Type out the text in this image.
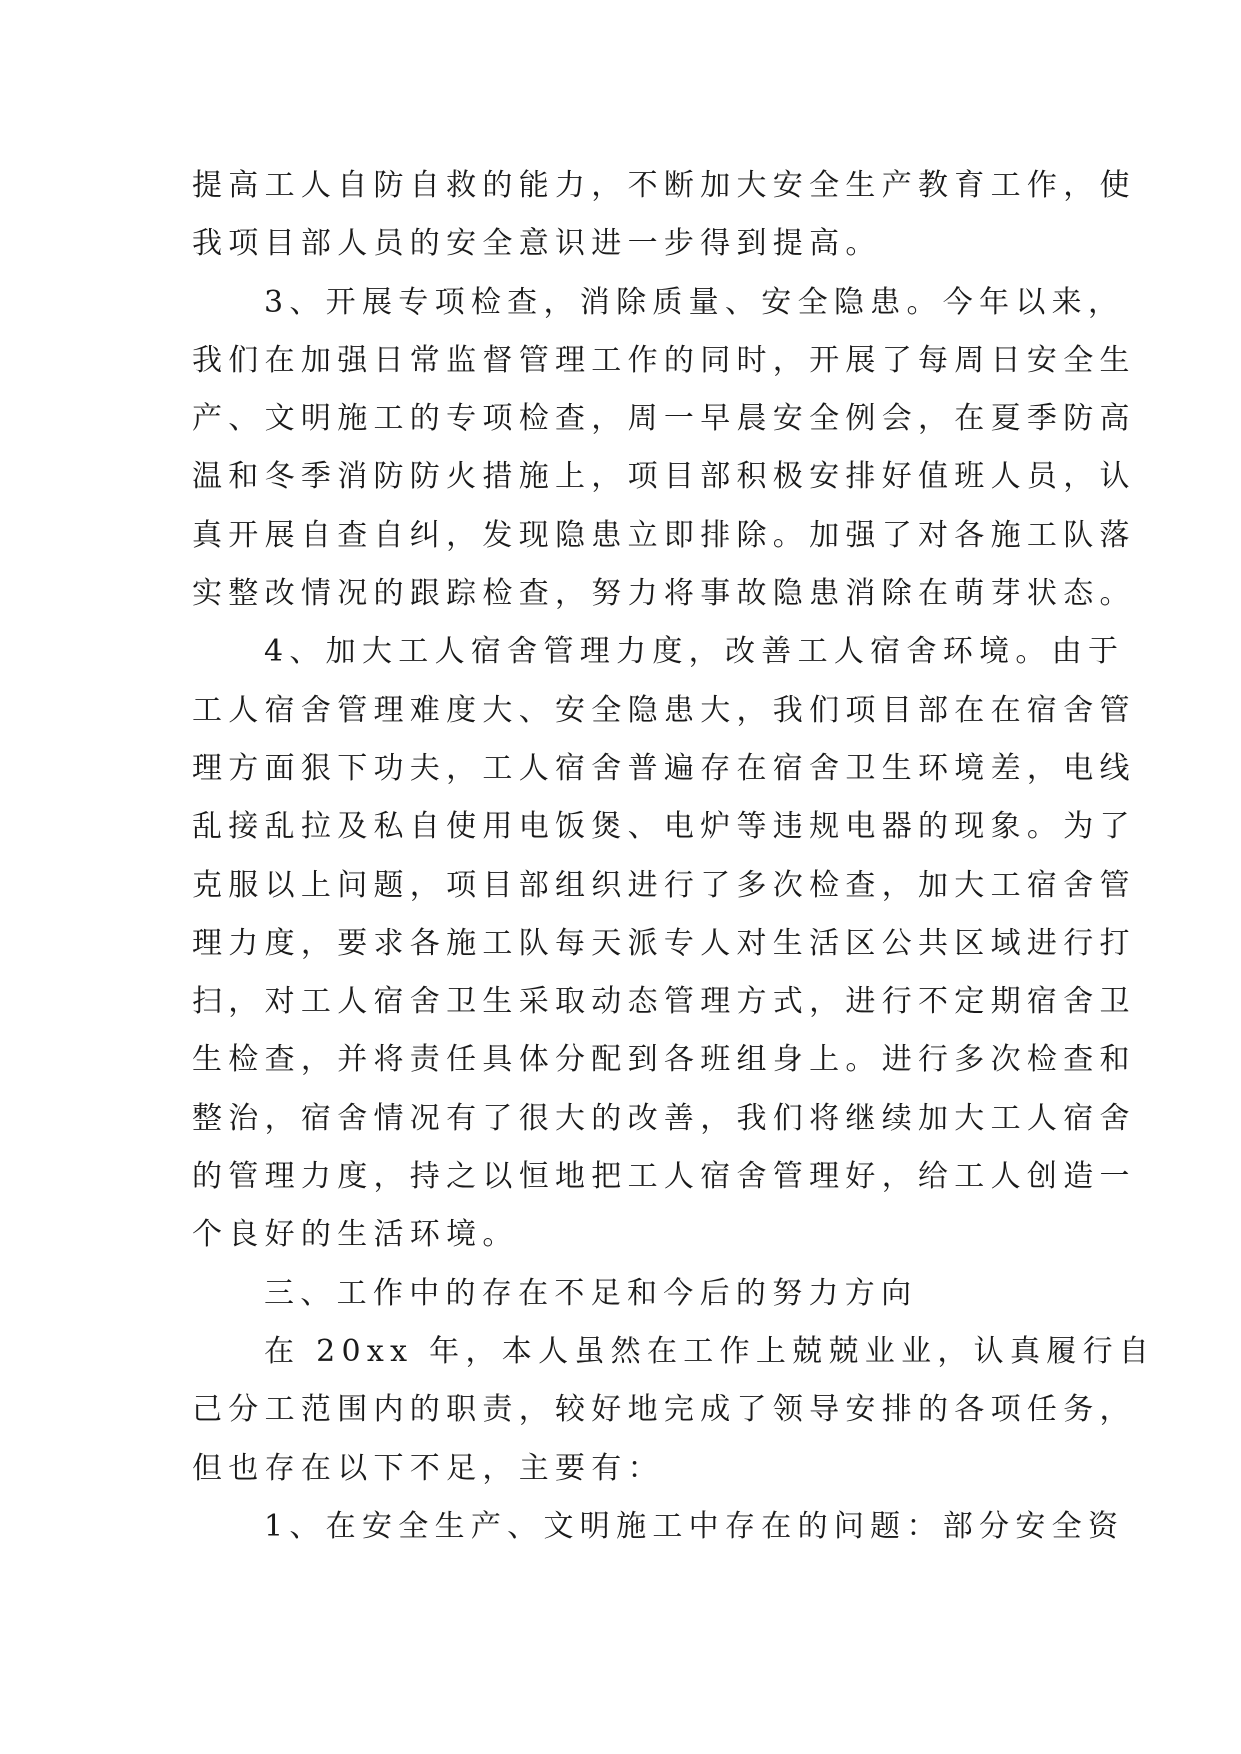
提高工人自防自救的能力，不断加大安全生产教育工作，使
我项目部人员的安全意识进一步得到提高。
3、开展专项检查，消除质量、安全隐患。今年以来，
我们在加强日常监督管理工作的同时，开展了每周日安全生
产、文明施工的专项检查，周一早晨安全例会，在夏季防高
温和冬季消防防火措施上，项目部积极安排好值班人员，认
真开展自查自纠，发现隐患立即排除。加强了对各施工队落
实整改情况的跟踪检查，努力将事故隐患消除在萌芽状态。
4、加大工人宿舍管理力度，改善工人宿舍环境。由于
工人宿舍管理难度大、安全隐患大，我们项目部在在宿舍管
理方面狠下功夫，工人宿舍普遍存在宿舍卫生环境差，电线
乱接乱拉及私自使用电饭煲、电炉等违规电器的现象。为了
克服以上问题，项目部组织进行了多次检查，加大工宿舍管
理力度，要求各施工队每天派专人对生活区公共区域进行打
扫，对工人宿舍卫生采取动态管理方式，进行不定期宿舍卫
生检查，并将责任具体分配到各班组身上。进行多次检查和
整治，宿舍情况有了很大的改善，我们将继续加大工人宿舍
的管理力度，持之以恒地把工人宿舍管理好，给工人创造一
个良好的生活环境。
三、工作中的存在不足和今后的努力方向
在 20xx 年，本人虽然在工作上兢兢业业，认真履行自
己分工范围内的职责，较好地完成了领导安排的各项任务，
但也存在以下不足，主要有：
1、在安全生产、文明施工中存在的问题：部分安全资
